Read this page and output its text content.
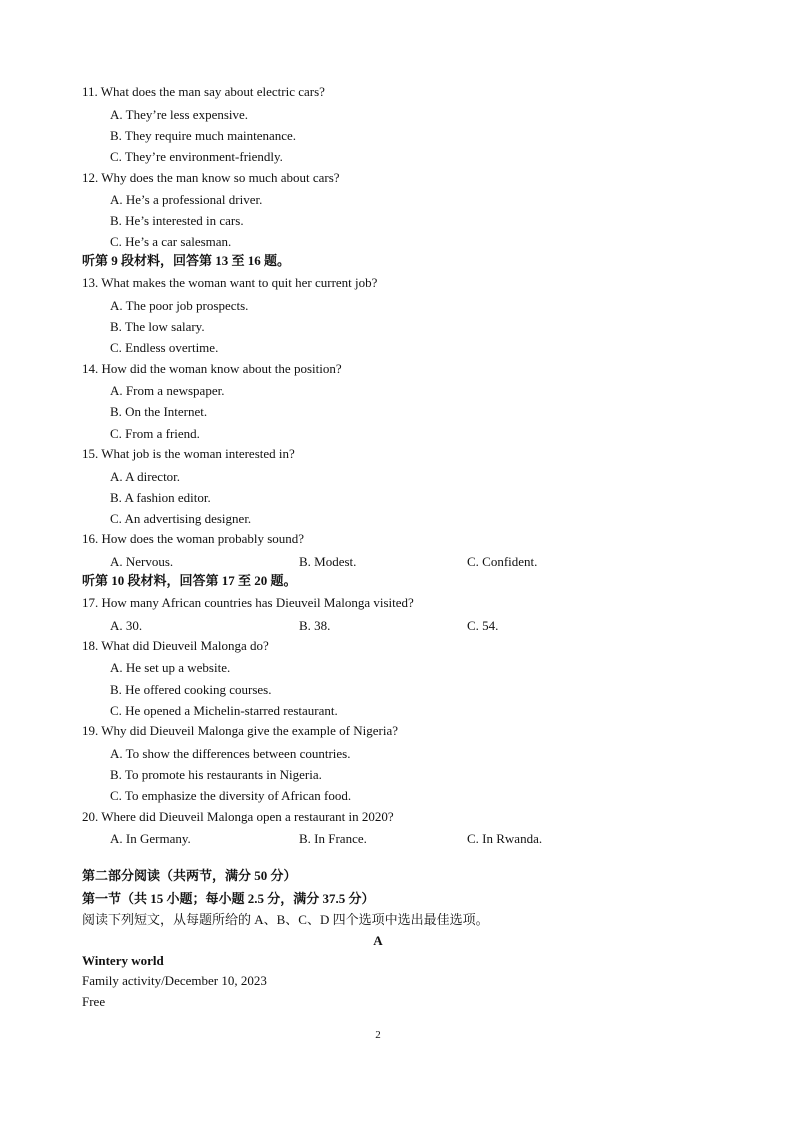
11. What does the man say about electric cars?
A. They’re less expensive.
B. They require much maintenance.
C. They’re environment-friendly.
12. Why does the man know so much about cars?
A. He’s a professional driver.
B. He’s interested in cars.
C. He’s a car salesman.
听第 9 段材料，回答第 13 至 16 题。
13. What makes the woman want to quit her current job?
A. The poor job prospects.
B. The low salary.
C. Endless overtime.
14. How did the woman know about the position?
A. From a newspaper.
B. On the Internet.
C. From a friend.
15. What job is the woman interested in?
A. A director.
B. A fashion editor.
C. An advertising designer.
16. How does the woman probably sound?
A. Nervous.	B. Modest.	C. Confident.
听第 10 段材料，回答第 17 至 20 题。
17. How many African countries has Dieuveil Malonga visited?
A. 30.	B. 38.	C. 54.
18. What did Dieuveil Malonga do?
A. He set up a website.
B. He offered cooking courses.
C. He opened a Michelin-starred restaurant.
19. Why did Dieuveil Malonga give the example of Nigeria?
A. To show the differences between countries.
B. To promote his restaurants in Nigeria.
C. To emphasize the diversity of African food.
20. Where did Dieuveil Malonga open a restaurant in 2020?
A. In Germany.	B. In France.	C. In Rwanda.
第二部分阅读（共两节，满分 50 分）
第一节（共 15 小题；每小题 2.5 分，满分 37.5 分）
阅读下列短文，从每题所给的 A、B、C、D 四个选项中选出最佳选项。
A
Wintery world
Family activity/December 10, 2023
Free
2
